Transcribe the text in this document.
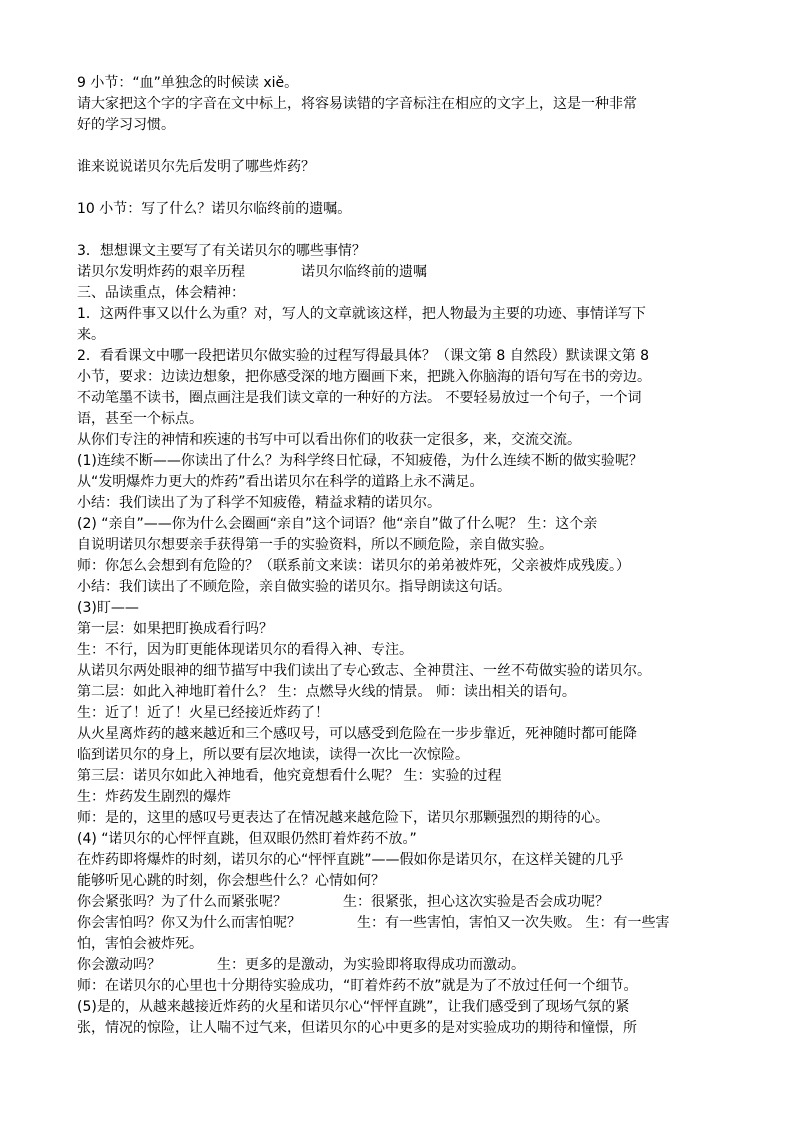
9 小节：“血”单独念的时候读 xiě。
请大家把这个字的字音在文中标上，将容易读错的字音标注在相应的文字上，这是一种非常
好的学习习惯。
谁来说说诺贝尔先后发明了哪些炸药？
10 小节：写了什么？诺贝尔临终前的遗嘱。
3．想想课文主要写了有关诺贝尔的哪些事情？
诺贝尔发明炸药的艰辛历程	诺贝尔临终前的遗嘱
三、品读重点，体会精神：
1．这两件事又以什么为重？对，写人的文章就该这样，把人物最为主要的功迹、事情详写下
来。
2．看看课文中哪一段把诺贝尔做实验的过程写得最具体？（课文第 8 自然段）默读课文第 8
小节，要求：边读边想象，把你感受深的地方圈画下来，把跳入你脑海的语句写在书的旁边。
不动笔墨不读书，圈点画注是我们读文章的一种好的方法。 不要轻易放过一个句子，一个词
语，甚至一个标点。
从你们专注的神情和疾速的书写中可以看出你们的收获一定很多，来，交流交流。
(1)连续不断——你读出了什么？为科学终日忙碌，不知疲倦，为什么连续不断的做实验呢？
从“发明爆炸力更大的炸药”看出诺贝尔在科学的道路上永不满足。
小结：我们读出了为了科学不知疲倦，精益求精的诺贝尔。
(2) “亲自”——你为什么会圈画“亲自”这个词语？他“亲自”做了什么呢？ 生：这个亲
自说明诺贝尔想要亲手获得第一手的实验资料，所以不顾危险，亲自做实验。
师：你怎么会想到有危险的？（联系前文来读：诺贝尔的弟弟被炸死，父亲被炸成残废。）
小结：我们读出了不顾危险，亲自做实验的诺贝尔。指导朗读这句话。
(3)盯——
第一层：如果把盯换成看行吗？
生：不行，因为盯更能体现诺贝尔的看得入神、专注。
从诺贝尔两处眼神的细节描写中我们读出了专心致志、全神贯注、一丝不苟做实验的诺贝尔。
第二层：如此入神地盯着什么？ 生：点燃导火线的情景。 师：读出相关的语句。
生：近了！近了！火星已经接近炸药了！
从火星离炸药的越来越近和三个感叹号，可以感受到危险在一步步靠近，死神随时都可能降
临到诺贝尔的身上，所以要有层次地读，读得一次比一次惊险。
第三层：诺贝尔如此入神地看，他究竟想看什么呢？ 生：实验的过程
生：炸药发生剧烈的爆炸
师：是的，这里的感叹号更表达了在情况越来越危险下，诺贝尔那颗强烈的期待的心。
(4) “诺贝尔的心怦怦直跳，但双眼仍然盯着炸药不放。”
在炸药即将爆炸的时刻，诺贝尔的心“怦怦直跳”——假如你是诺贝尔，在这样关键的几乎
能够听见心跳的时刻，你会想些什么？心情如何？
你会紧张吗？为了什么而紧张呢？	生：很紧张，担心这次实验是否会成功呢？
你会害怕吗？你又为什么而害怕呢？	生：有一些害怕，害怕又一次失败。 生：有一些害
怕，害怕会被炸死。
你会激动吗？	生：更多的是激动，为实验即将取得成功而激动。
师：在诺贝尔的心里也十分期待实验成功，“盯着炸药不放”就是为了不放过任何一个细节。
(5)是的，从越来越接近炸药的火星和诺贝尔心“怦怦直跳”，让我们感受到了现场气氛的紧
张，情况的惊险，让人喘不过气来，但诺贝尔的心中更多的是对实验成功的期待和憧憬，所
